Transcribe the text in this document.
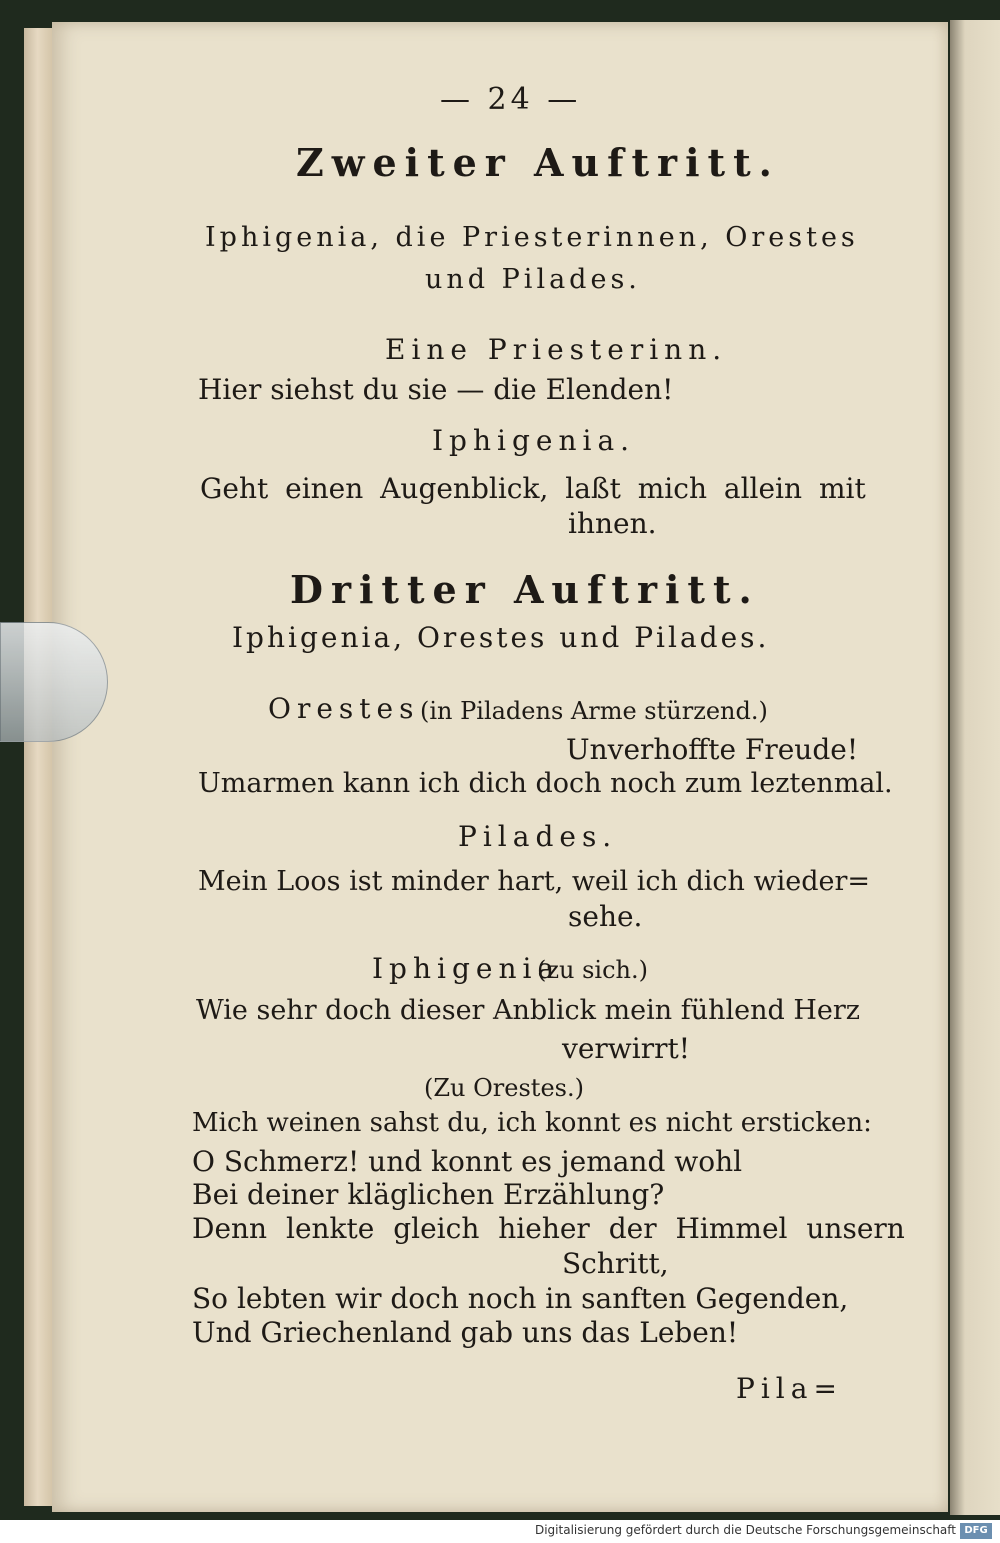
— 24 —
Zweiter Auftritt.
Iphigenia, die Priesterinnen, Orestes
und Pilades.
Eine Priesterinn.
Hier siehst du sie — die Elenden!
Iphigenia.
Geht einen Augenblick, laßt mich allein mit
ihnen.
Dritter Auftritt.
Iphigenia, Orestes und Pilades.
Orestes (in Piladens Arme stürzend.)
Unverhoffte Freude!
Umarmen kann ich dich doch noch zum leztenmal.
Pilades.
Mein Loos ist minder hart, weil ich dich wieder=
sehe.
Iphigenia
(zu sich.)
Wie sehr doch dieser Anblick mein fühlend Herz
verwirrt!
(Zu Orestes.)
Mich weinen sahst du, ich konnt es nicht ersticken:
O Schmerz! und konnt es jemand wohl
Bei deiner kläglichen Erzählung?
Denn lenkte gleich hieher der Himmel unsern
Schritt,
So lebten wir doch noch in sanften Gegenden,
Und Griechenland gab uns das Leben!
Pila=
Digitalisierung gefördert durch die Deutsche Forschungsgemeinschaft DFG
